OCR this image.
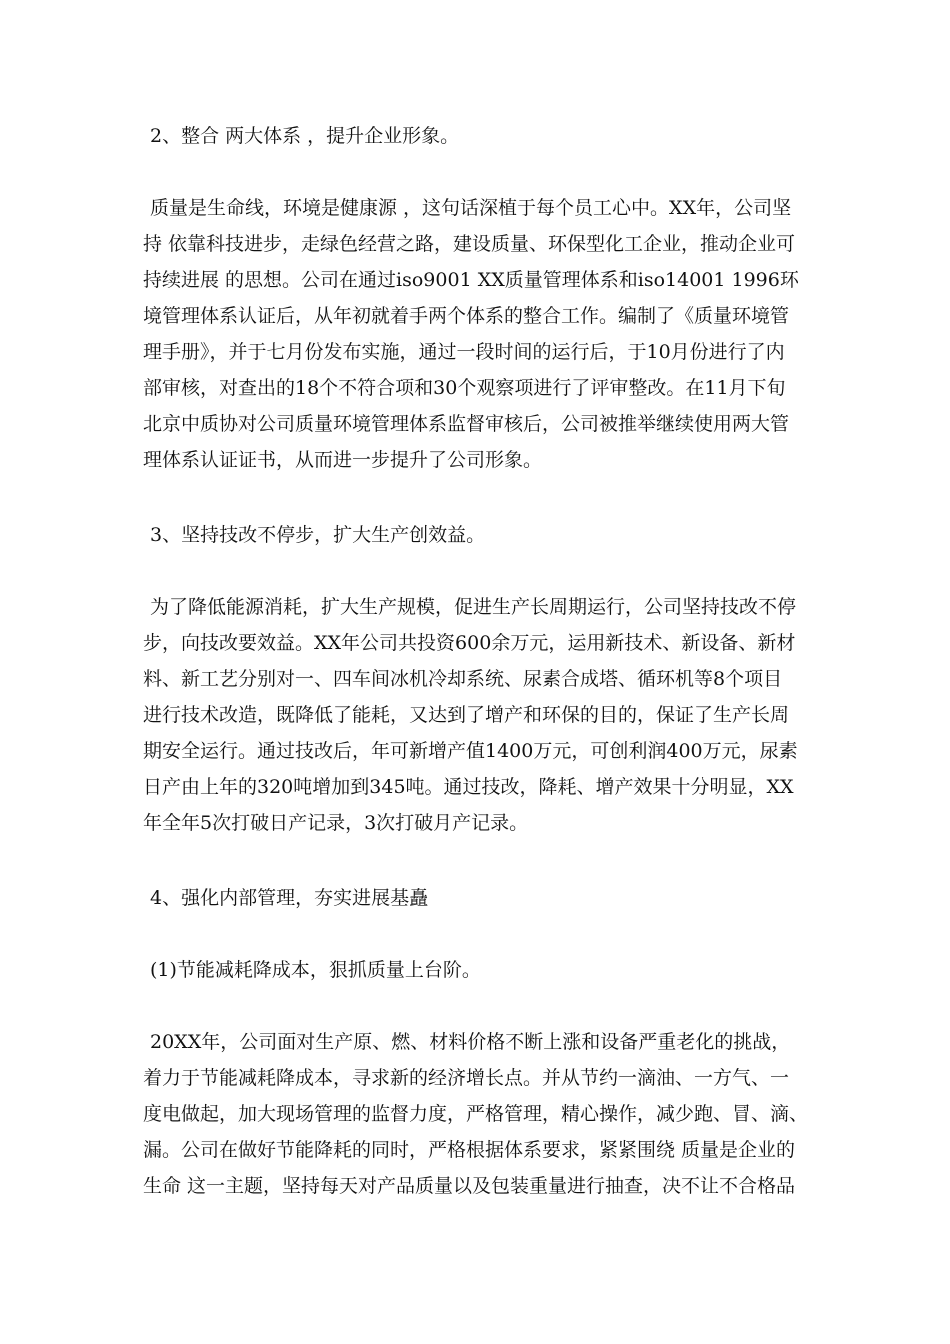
2、整合 两大体系 ，提升企业形象。
质量是生命线，环境是健康源 ，这句话深植于每个员工心中。XX年，公司坚
持 依靠科技进步，走绿色经营之路，建设质量、环保型化工企业，推动企业可
持续进展 的思想。公司在通过iso9001 XX质量管理体系和iso14001 1996环
境管理体系认证后，从年初就着手两个体系的整合工作。编制了《质量环境管
理手册》，并于七月份发布实施，通过一段时间的运行后，于10月份进行了内
部审核，对查出的18个不符合项和30个观察项进行了评审整改。在11月下旬
北京中质协对公司质量环境管理体系监督审核后，公司被推举继续使用两大管
理体系认证证书，从而进一步提升了公司形象。
3、坚持技改不停步，扩大生产创效益。
为了降低能源消耗，扩大生产规模，促进生产长周期运行，公司坚持技改不停
步，向技改要效益。XX年公司共投资600余万元，运用新技术、新设备、新材
料、新工艺分别对一、四车间冰机冷却系统、尿素合成塔、循环机等8个项目
进行技术改造，既降低了能耗，又达到了增产和环保的目的，保证了生产长周
期安全运行。通过技改后，年可新增产值1400万元，可创利润400万元，尿素
日产由上年的320吨增加到345吨。通过技改，降耗、增产效果十分明显，XX
年全年5次打破日产记录，3次打破月产记录。
4、强化内部管理，夯实进展基矗
(1)节能减耗降成本，狠抓质量上台阶。
20XX年，公司面对生产原、燃、材料价格不断上涨和设备严重老化的挑战，
着力于节能减耗降成本，寻求新的经济增长点。并从节约一滴油、一方气、一
度电做起，加大现场管理的监督力度，严格管理，精心操作，减少跑、冒、滴、
漏。公司在做好节能降耗的同时，严格根据体系要求，紧紧围绕 质量是企业的
生命 这一主题，坚持每天对产品质量以及包装重量进行抽查，决不让不合格品
